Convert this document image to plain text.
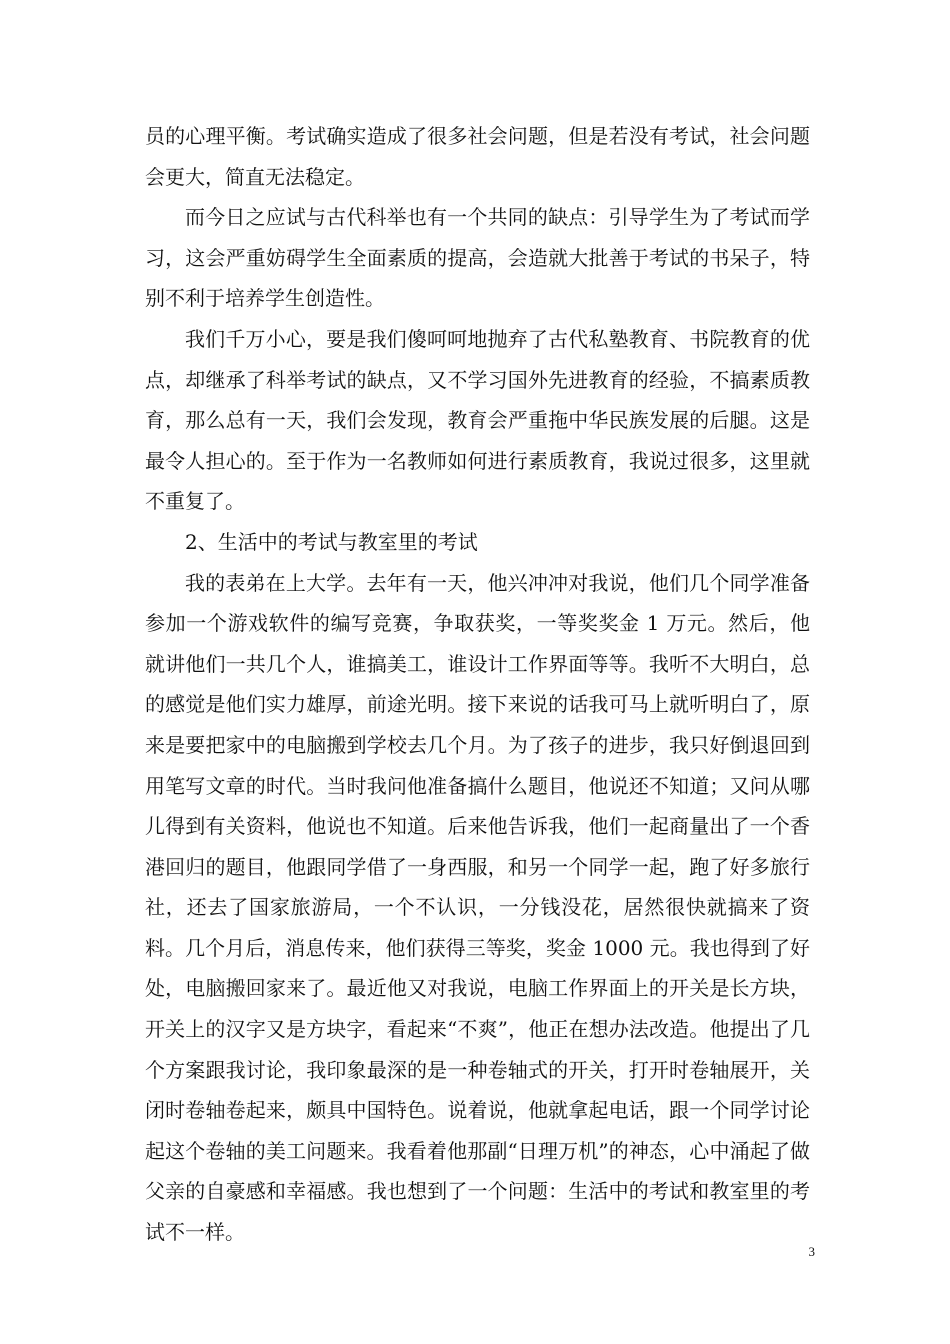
员的心理平衡。考试确实造成了很多社会问题，但是若没有考试，社会问题会更大，简直无法稳定。

而今日之应试与古代科举也有一个共同的缺点：引导学生为了考试而学习，这会严重妨碍学生全面素质的提高，会造就大批善于考试的书呆子，特别不利于培养学生创造性。

我们千万小心，要是我们傻呵呵地抛弃了古代私塾教育、书院教育的优点，却继承了科举考试的缺点，又不学习国外先进教育的经验，不搞素质教育，那么总有一天，我们会发现，教育会严重拖中华民族发展的后腿。这是最令人担心的。至于作为一名教师如何进行素质教育，我说过很多，这里就不重复了。

2、生活中的考试与教室里的考试

我的表弟在上大学。去年有一天，他兴冲冲对我说，他们几个同学准备参加一个游戏软件的编写竞赛，争取获奖，一等奖奖金 1 万元。然后，他就讲他们一共几个人，谁搞美工，谁设计工作界面等等。我听不大明白，总的感觉是他们实力雄厚，前途光明。接下来说的话我可马上就听明白了，原来是要把家中的电脑搬到学校去几个月。为了孩子的进步，我只好倒退回到用笔写文章的时代。当时我问他准备搞什么题目，他说还不知道；又问从哪儿得到有关资料，他说也不知道。后来他告诉我，他们一起商量出了一个香港回归的题目，他跟同学借了一身西服，和另一个同学一起，跑了好多旅行社，还去了国家旅游局，一个不认识，一分钱没花，居然很快就搞来了资料。几个月后，消息传来，他们获得三等奖，奖金 1000 元。我也得到了好处，电脑搬回家来了。最近他又对我说，电脑工作界面上的开关是长方块，开关上的汉字又是方块字，看起来“不爽”，他正在想办法改造。他提出了几个方案跟我讨论，我印象最深的是一种卷轴式的开关，打开时卷轴展开，关闭时卷轴卷起来，颇具中国特色。说着说，他就拿起电话，跟一个同学讨论起这个卷轴的美工问题来。我看着他那副“日理万机”的神态，心中涌起了做父亲的自豪感和幸福感。我也想到了一个问题：生活中的考试和教室里的考试不一样。

3
